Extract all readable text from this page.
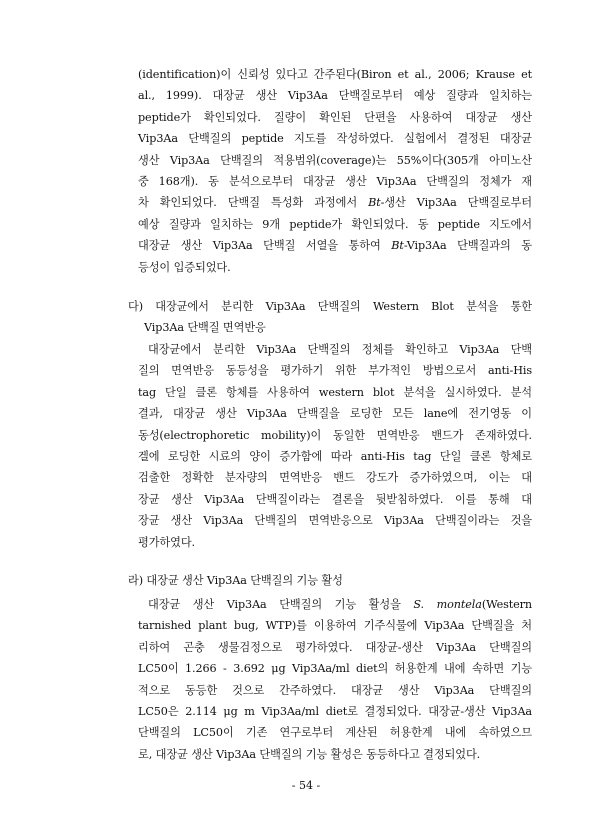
(identification)이 신뢰성 있다고 간주된다(Biron et al., 2006; Krause et
al., 1999). 대장균 생산 Vip3Aa 단백질로부터 예상 질량과 일치하는
peptide가 확인되었다. 질량이 확인된 단편을 사용하여 대장균 생산
Vip3Aa 단백질의 peptide 지도를 작성하였다. 실험에서 결정된 대장균
생산 Vip3Aa 단백질의 적용범위(coverage)는 55%이다(305개 아미노산
중 168개). 동 분석으로부터 대장균 생산 Vip3Aa 단백질의 정체가 재
차 확인되었다. 단백질 특성화 과정에서 Bt-생산 Vip3Aa 단백질로부터
예상 질량과 일치하는 9개 peptide가 확인되었다. 동 peptide 지도에서
대장균 생산 Vip3Aa 단백질 서열을 통하여 Bt-Vip3Aa 단백질과의 동
등성이 입증되었다.
다) 대장균에서 분리한 Vip3Aa 단백질의 Western Blot 분석을 통한
Vip3Aa 단백질 면역반응
대장균에서 분리한 Vip3Aa 단백질의 정체를 확인하고 Vip3Aa 단백
질의 면역반응 동등성을 평가하기 위한 부가적인 방법으로서 anti-His
tag 단일 클론 항체를 사용하여 western blot 분석을 실시하였다. 분석
결과, 대장균 생산 Vip3Aa 단백질을 로딩한 모든 lane에 전기영동 이
동성(electrophoretic mobility)이 동일한 면역반응 밴드가 존재하였다.
겔에 로딩한 시료의 양이 증가함에 따라 anti-His tag 단일 클론 항체로
검출한 정확한 분자량의 면역반응 밴드 강도가 증가하였으며, 이는 대
장균 생산 Vip3Aa 단백질이라는 결론을 뒷받침하였다. 이를 통해 대
장균 생산 Vip3Aa 단백질의 면역반응으로 Vip3Aa 단백질이라는 것을
평가하였다.
라) 대장균 생산 Vip3Aa 단백질의 기능 활성
대장균 생산 Vip3Aa 단백질의 기능 활성을 S. montela(Western
tarnished plant bug, WTP)를 이용하여 기주식물에 Vip3Aa 단백질을 처
리하여 곤충 생물검정으로 평가하였다. 대장균-생산 Vip3Aa 단백질의
LC50이 1.266 - 3.692 μg Vip3Aa/ml diet의 허용한계 내에 속하면 기능
적으로 동등한 것으로 간주하였다. 대장균 생산 Vip3Aa 단백질의
LC50은 2.114 μg m Vip3Aa/ml diet로 결정되었다. 대장균-생산 Vip3Aa
단백질의 LC50이 기존 연구로부터 계산된 허용한계 내에 속하였으므
로, 대장균 생산 Vip3Aa 단백질의 기능 활성은 동등하다고 결정되었다.
- 54 -
